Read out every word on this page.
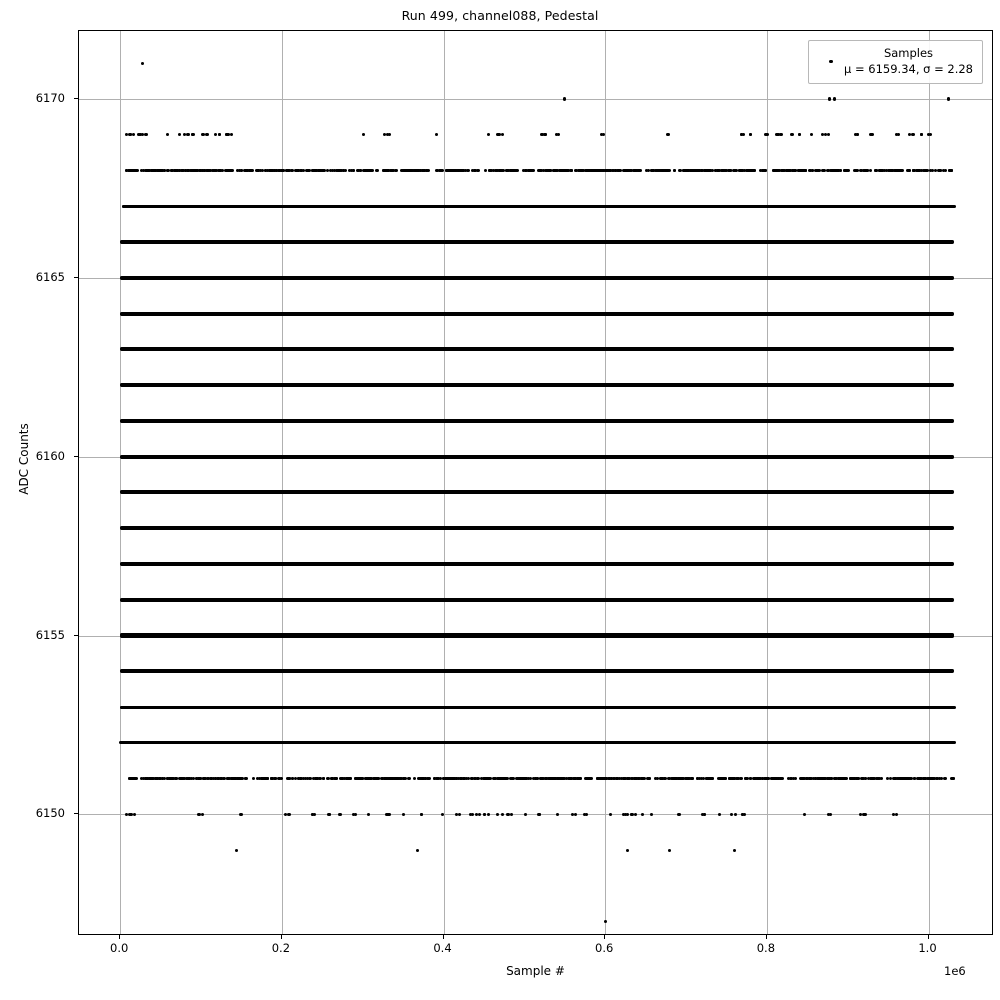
Run 499, channel088, Pedestal
Samples
μ = 6159.34, σ = 2.28
6150
6155
6160
6165
6170
0.0	0.2	0.4	0.6	0.8	1.0
Sample #
ADC Counts
1e6
